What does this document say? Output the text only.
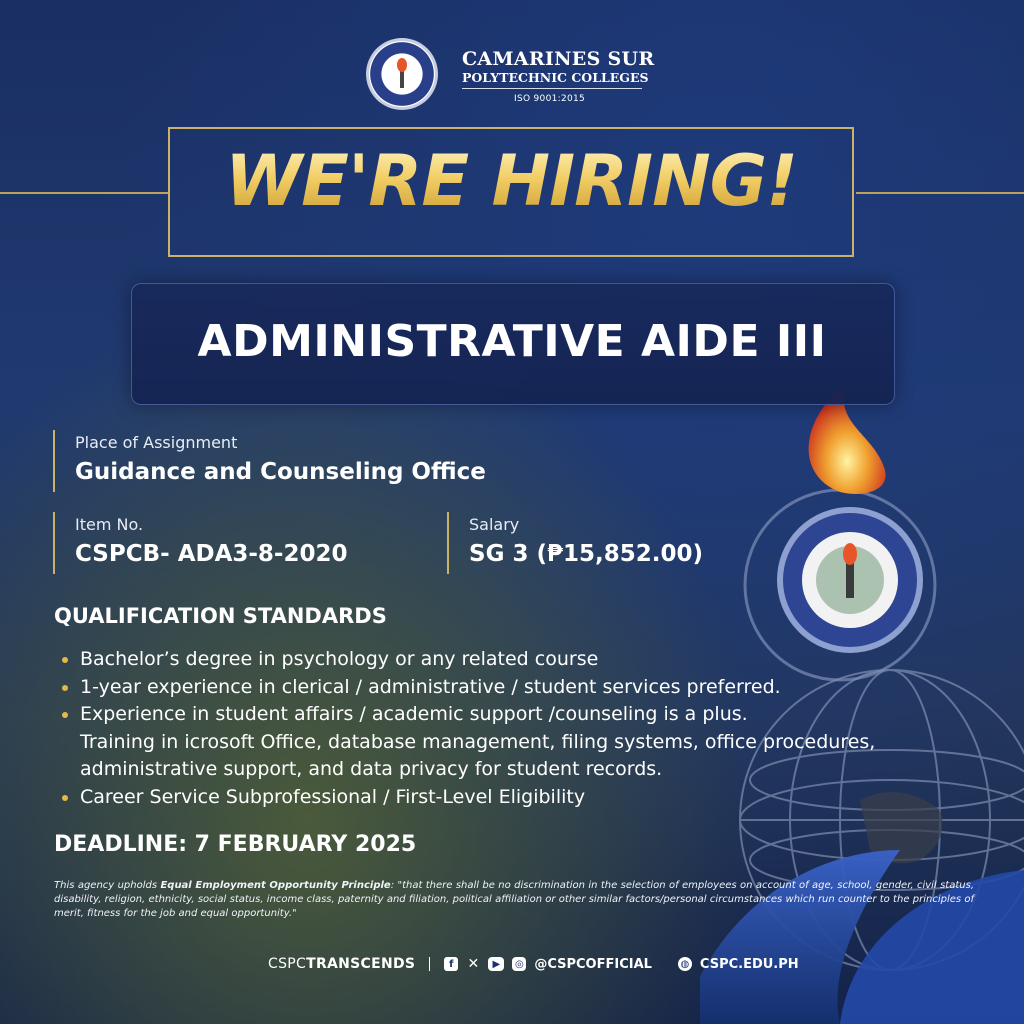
CAMARINES SUR
POLYTECHNIC COLLEGES
ISO 9001:2015
WE'RE HIRING!
ADMINISTRATIVE AIDE III
Place of Assignment
Guidance and Counseling Office
Item No.
CSPCB- ADA3-8-2020
Salary
SG 3 (₱15,852.00)
QUALIFICATION STANDARDS
Bachelor’s degree in psychology or any related course
1-year experience in clerical / administrative / student services preferred.
Experience in student affairs / academic support /counseling is a plus.
Training in icrosoft Office, database management, filing systems, office procedures, administrative support, and data privacy for student records.
Career Service Subprofessional / First-Level Eligibility
DEADLINE: 7 FEBRUARY 2025
This agency upholds Equal Employment Opportunity Principle: "that there shall be no discrimination in the selection of employees on account of age, school, gender, civil status, disability, religion, ethnicity, social status, income class, paternity and filiation, political affiliation or other similar factors/personal circumstances which run counter to the principles of merit, fitness for the job and equal opportunity."
CSPC TRANSCENDS	f ✕	▶	◎ @CSPCOFFICIAL	◍ CSPC.EDU.PH
